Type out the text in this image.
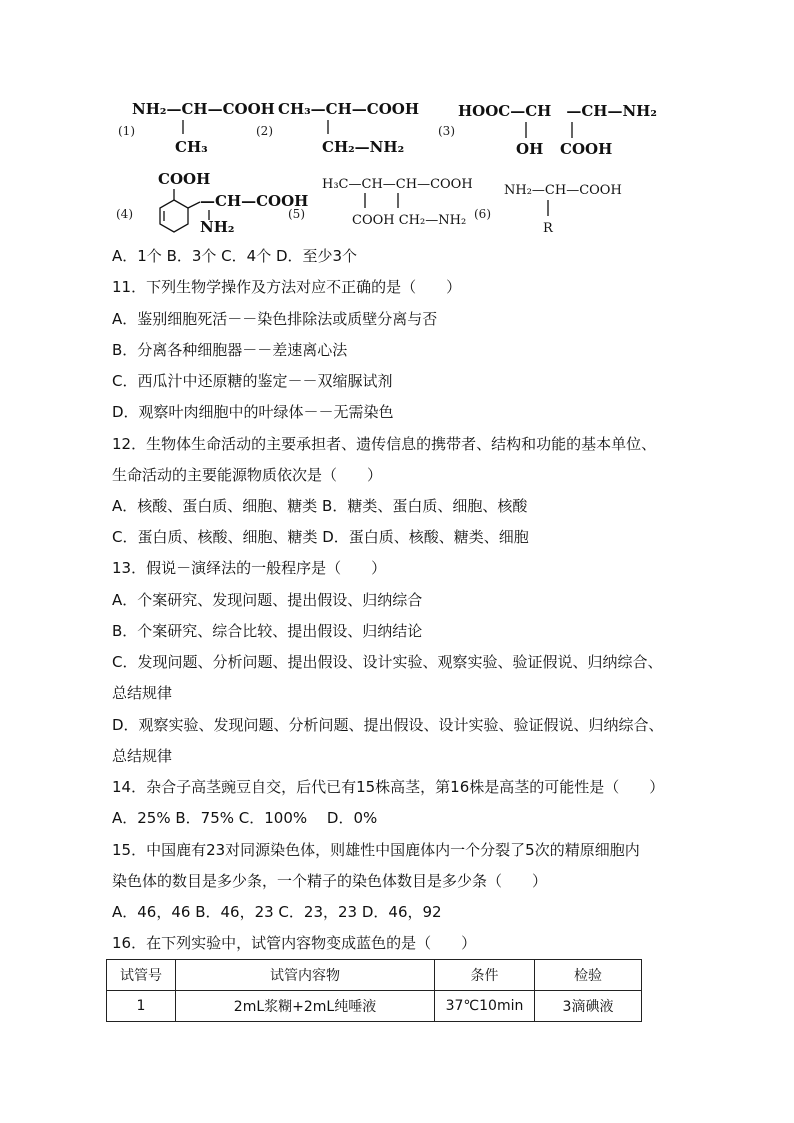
(1)
NH₂—CH—COOH
CH₃
(2)
CH₃—CH—COOH
CH₂—NH₂
(3)
HOOC—CH　—CH—NH₂
OH COOH
(4)
COOH
—CH—COOH
NH₂
(5)
H₃C—CH—CH—COOH
COOH CH₂—NH₂ (6)
NH₂—CH—COOH
R
A．1个 B．3个 C．4个 D．至少3个
11．下列生物学操作及方法对应不正确的是（　　）
A．鉴别细胞死活－－染色排除法或质壁分离与否
B．分离各种细胞器－－差速离心法
C．西瓜汁中还原糖的鉴定－－双缩脲试剂
D．观察叶肉细胞中的叶绿体－－无需染色
12．生物体生命活动的主要承担者、遗传信息的携带者、结构和功能的基本单位、
生命活动的主要能源物质依次是（　　）
A．核酸、蛋白质、细胞、糖类 B．糖类、蛋白质、细胞、核酸
C．蛋白质、核酸、细胞、糖类 D．蛋白质、核酸、糖类、细胞
13．假说－演绎法的一般程序是（　　）
A．个案研究、发现问题、提出假设、归纳综合
B．个案研究、综合比较、提出假设、归纳结论
C．发现问题、分析问题、提出假设、设计实验、观察实验、验证假说、归纳综合、
总结规律
D．观察实验、发现问题、分析问题、提出假设、设计实验、验证假说、归纳综合、
总结规律
14．杂合子高茎豌豆自交，后代已有15株高茎，第16株是高茎的可能性是（　　）
A．25% B．75% C．100%　 D．0%
15．中国鹿有23对同源染色体，则雄性中国鹿体内一个分裂了5次的精原细胞内
染色体的数目是多少条，一个精子的染色体数目是多少条（　　）
A．46，46 B．46，23 C．23，23 D．46，92
16．在下列实验中，试管内容物变成蓝色的是（　　）
试管号	试管内容物	条件	检验
1	2mL浆糊+2mL纯唾液	37℃10min	3滴碘液
